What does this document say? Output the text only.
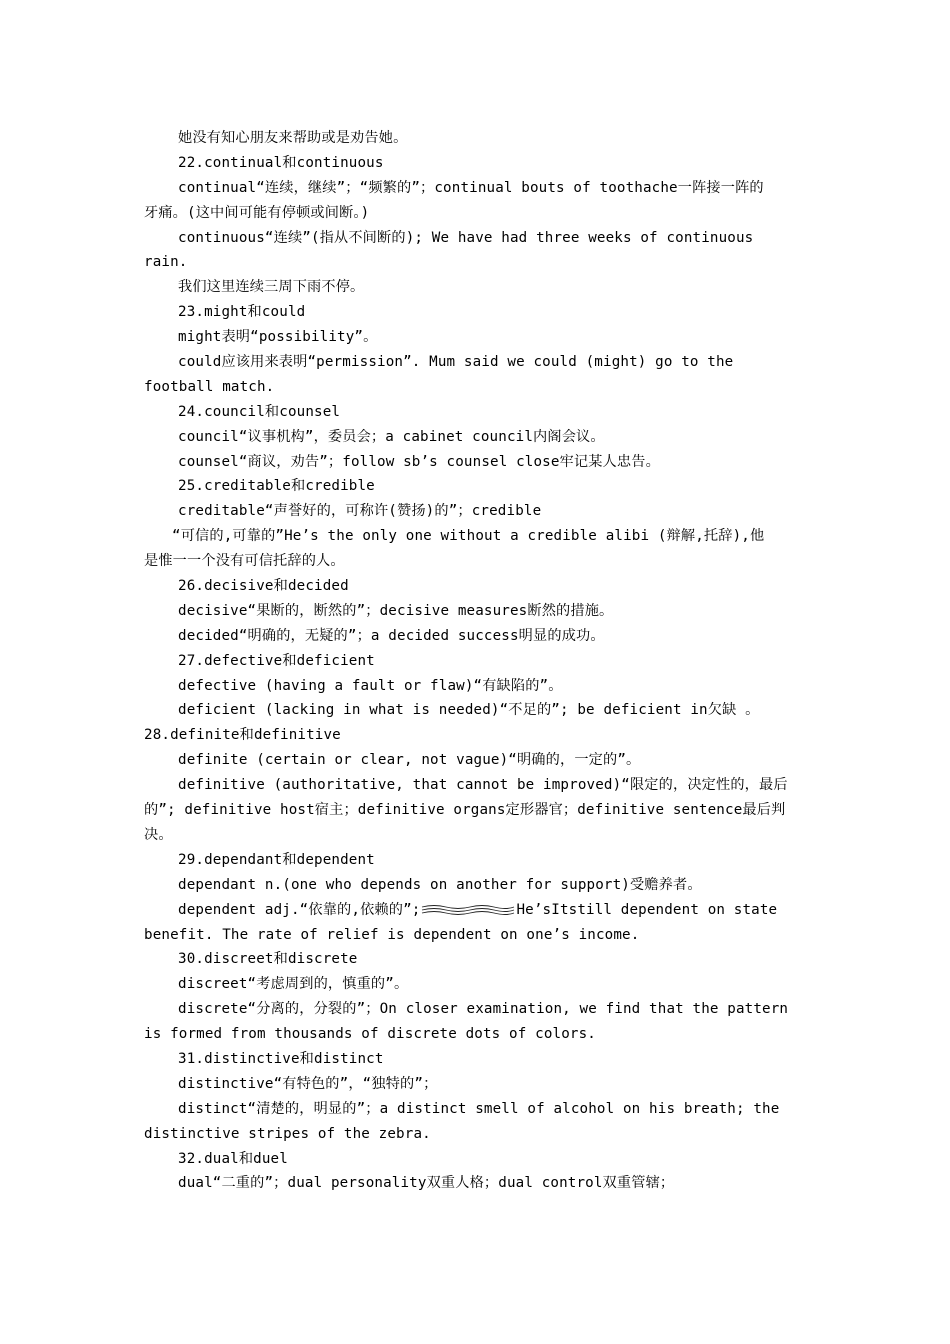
她没有知心朋友来帮助或是劝告她。
22.continual和continuous
continual“连续，继续”；“频繁的”；continual bouts of toothache一阵接一阵的
牙痛。(这中间可能有停顿或间断。)
continuous“连续”(指从不间断的); We have had three weeks of continuous
rain.
我们这里连续三周下雨不停。
23.might和could
might表明“possibility”。
could应该用来表明“permission”. Mum said we could (might) go to the
football match.
24.council和counsel
council“议事机构”，委员会；a cabinet council内阁会议。
counsel“商议，劝告”；follow sb’s counsel close牢记某人忠告。
25.creditable和credible
creditable“声誉好的，可称许(赞扬)的”；credible
“可信的,可靠的”He’s the only one without a credible alibi (辩解,托辞),他
是惟一一个没有可信托辞的人。
26.decisive和decided
decisive“果断的，断然的”；decisive measures断然的措施。
decided“明确的，无疑的”；a decided success明显的成功。
27.defective和deficient
defective (having a fault or flaw)“有缺陷的”。
deficient (lacking in what is needed)“不足的”; be deficient in欠缺 。
28.definite和definitive
definite (certain or clear, not vague)“明确的，一定的”。
definitive (authoritative, that cannot be improved)“限定的，决定性的，最后
的”; definitive host宿主；definitive organs定形器官；definitive sentence最后判
决。
29.dependant和dependent
dependant n.(one who depends on another for support)受赡养者。
dependent adj.“依靠的,依赖的”;	He’sItstill dependent on state
benefit. The rate of relief is dependent on one’s income.
30.discreet和discrete
discreet“考虑周到的，慎重的”。
discrete“分离的，分裂的”；On closer examination, we find that the pattern
is formed from thousands of discrete dots of colors.
31.distinctive和distinct
distinctive“有特色的”，“独特的”；
distinct“清楚的，明显的”；a distinct smell of alcohol on his breath; the
distinctive stripes of the zebra.
32.dual和duel
dual“二重的”；dual personality双重人格；dual control双重管辖；
